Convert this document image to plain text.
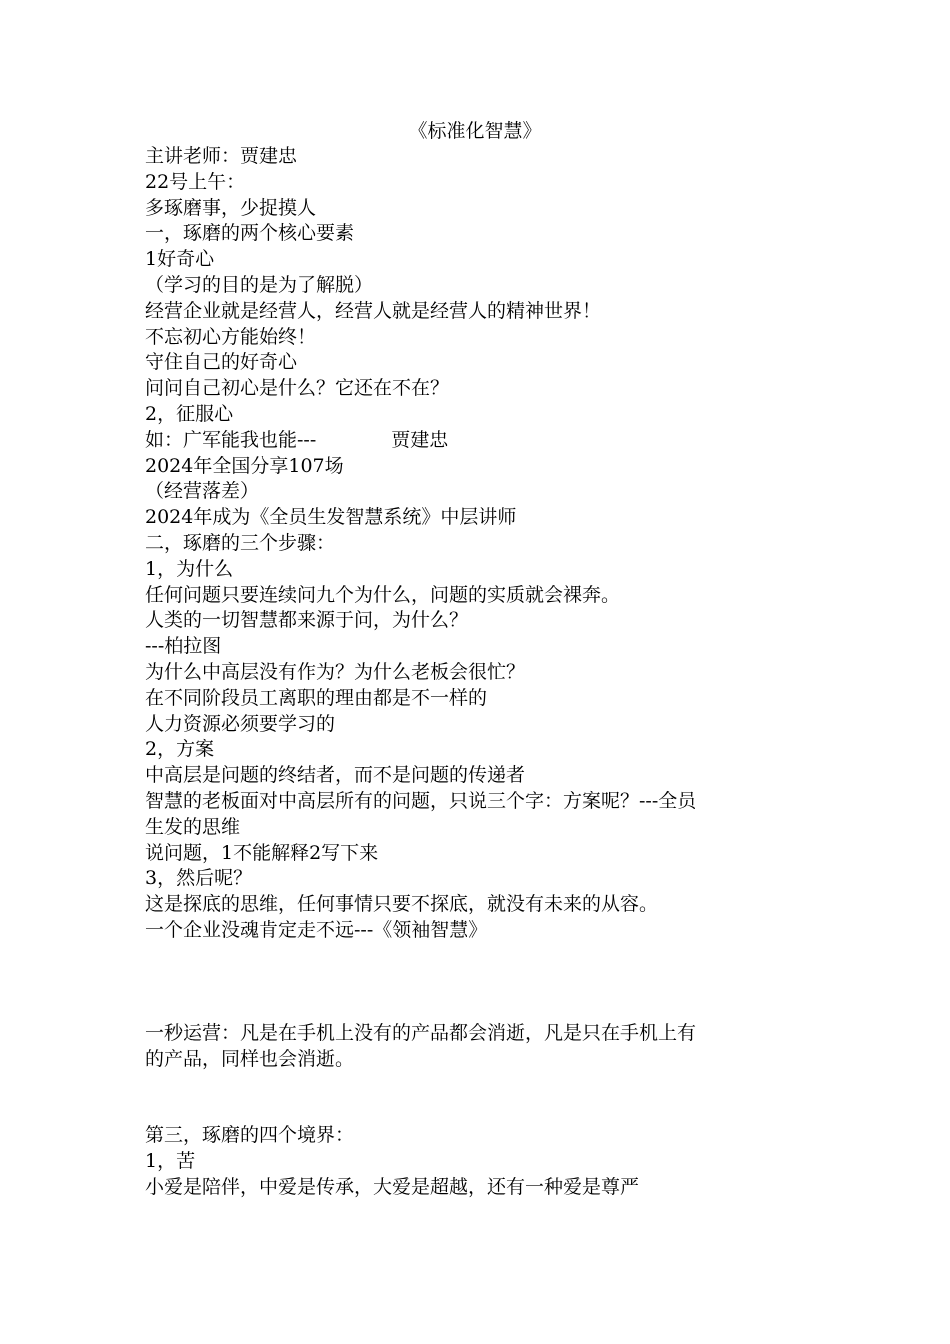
《标准化智慧》
主讲老师：贾建忠
22号上午：
多琢磨事，少捉摸人
一，琢磨的两个核心要素
1好奇心
（学习的目的是为了解脱）
经营企业就是经营人，经营人就是经营人的精神世界！
不忘初心方能始终！
守住自己的好奇心
问问自己初心是什么？它还在不在？
2，征服心
如：广军能我也能---	贾建忠
2024年全国分享107场
（经营落差）
2024年成为《全员生发智慧系统》中层讲师
二，琢磨的三个步骤：
1，为什么
任何问题只要连续问九个为什么，问题的实质就会裸奔。
人类的一切智慧都来源于问，为什么？
---柏拉图
为什么中高层没有作为？为什么老板会很忙？
在不同阶段员工离职的理由都是不一样的
人力资源必须要学习的
2，方案
中高层是问题的终结者，而不是问题的传递者
智慧的老板面对中高层所有的问题，只说三个字：方案呢？---全员
生发的思维
说问题，1不能解释2写下来
3，然后呢？
这是探底的思维，任何事情只要不探底，就没有未来的从容。
一个企业没魂肯定走不远---《领袖智慧》
一秒运营：凡是在手机上没有的产品都会消逝，凡是只在手机上有
的产品，同样也会消逝。
第三，琢磨的四个境界：
1，苦
小爱是陪伴，中爱是传承，大爱是超越，还有一种爱是尊严
